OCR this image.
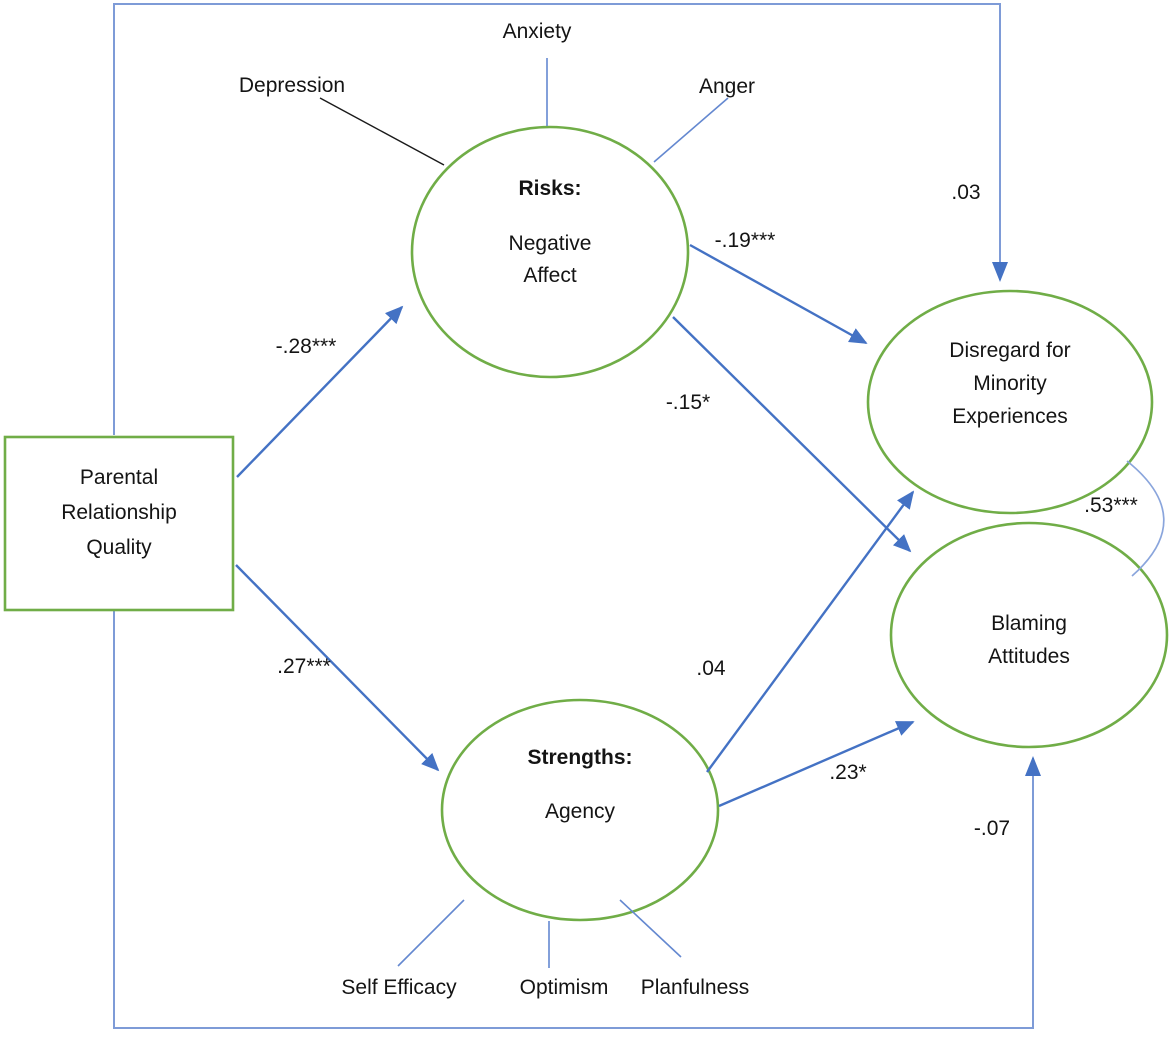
Parental
Relationship
Quality
Risks:
Negative
Affect
Strengths:
Agency
Disregard for
Minority
Experiences
Blaming
Attitudes
Anxiety
Depression	Anger
Self Efficacy	Optimism Planfulness
-.28***
.27***
-.19***
-.15*
.04
.23*
.03
-.07
.53***
